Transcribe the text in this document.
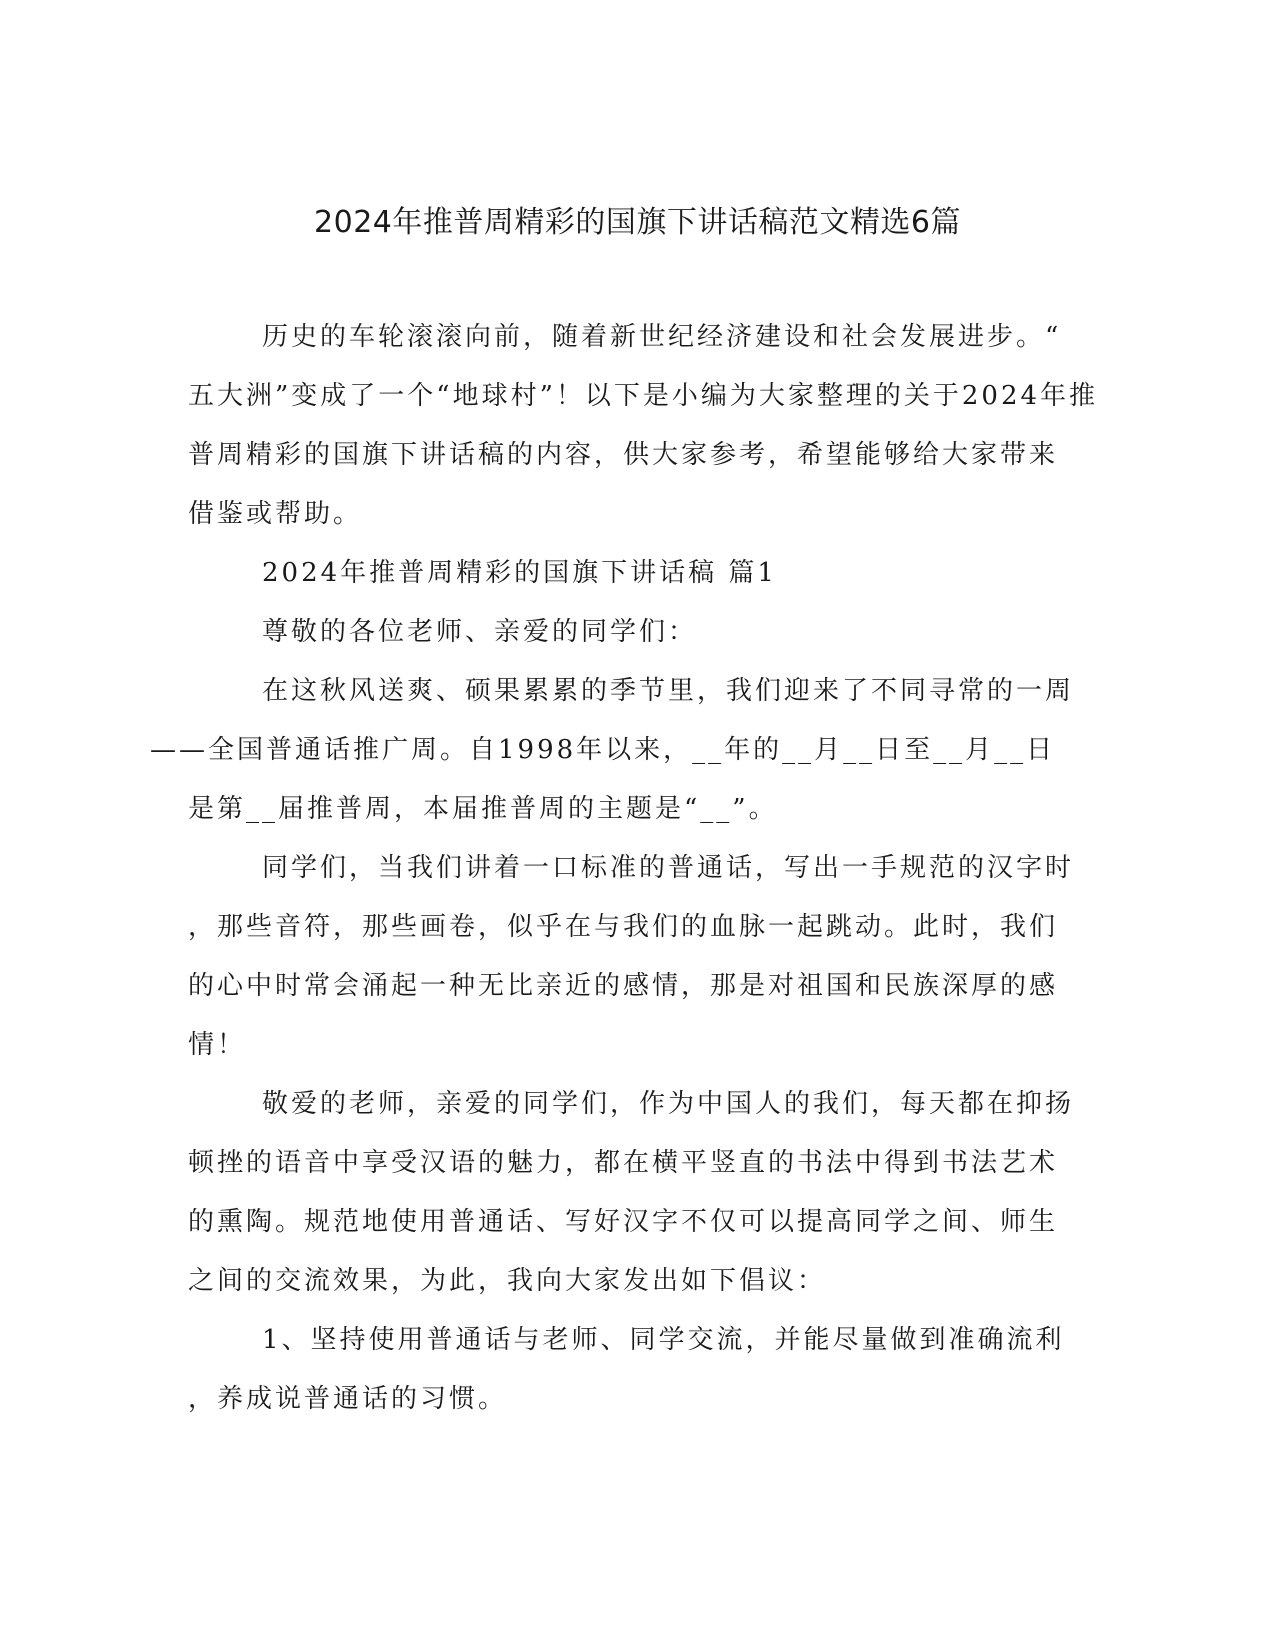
2024年推普周精彩的国旗下讲话稿范文精选6篇
历史的车轮滚滚向前，随着新世纪经济建设和社会发展进步。“
五大洲”变成了一个“地球村”！以下是小编为大家整理的关于2024年推
普周精彩的国旗下讲话稿的内容，供大家参考，希望能够给大家带来
借鉴或帮助。
2024年推普周精彩的国旗下讲话稿 篇1
尊敬的各位老师、亲爱的同学们：
在这秋风送爽、硕果累累的季节里，我们迎来了不同寻常的一周
——全国普通话推广周。自1998年以来，__年的__月__日至__月__日
是第__届推普周，本届推普周的主题是“__”。
同学们，当我们讲着一口标准的普通话，写出一手规范的汉字时
，那些音符，那些画卷，似乎在与我们的血脉一起跳动。此时，我们
的心中时常会涌起一种无比亲近的感情，那是对祖国和民族深厚的感
情！
敬爱的老师，亲爱的同学们，作为中国人的我们，每天都在抑扬
顿挫的语音中享受汉语的魅力，都在横平竖直的书法中得到书法艺术
的熏陶。规范地使用普通话、写好汉字不仅可以提高同学之间、师生
之间的交流效果，为此，我向大家发出如下倡议：
1、坚持使用普通话与老师、同学交流，并能尽量做到准确流利
，养成说普通话的习惯。
